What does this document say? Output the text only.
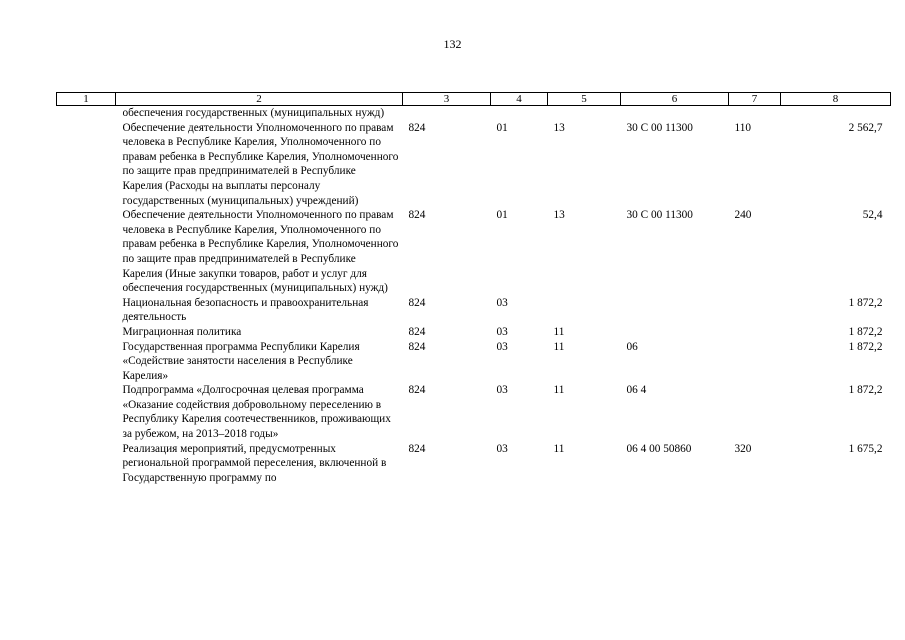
132
1	2	3	4	5	6	7	8
	обеспечения государственных (муниципальных нужд)						
	Обеспечение деятельности Уполномоченного по правам человека в Республике Карелия, Уполномоченного по правам ребенка в Республике Карелия, Уполномоченного по защите прав предпринимателей в Республике Карелия (Расходы на выплаты персоналу государственных (муниципальных) учреждений)	824	01	13	30 С 00 11300	110	2 562,7
	Обеспечение деятельности Уполномоченного по правам человека в Республике Карелия, Уполномоченного по правам ребенка в Республике Карелия, Уполномоченного по защите прав предпринимателей в Республике Карелия (Иные закупки товаров, работ и услуг для обеспечения государственных (муниципальных) нужд)	824	01	13	30 С 00 11300	240	52,4
	Национальная безопасность и правоохранительная деятельность	824	03				1 872,2
	Миграционная политика	824	03	11			1 872,2
	Государственная программа Республики Карелия «Содействие занятости населения в Республике Карелия»	824	03	11	06		1 872,2
	Подпрограмма «Долгосрочная целевая программа «Оказание содействия добровольному переселению в Республику Карелия соотечественников, проживающих за рубежом, на 2013–2018 годы»	824	03	11	06 4		1 872,2
	Реализация мероприятий, предусмотренных региональной программой переселения, включенной в Государственную программу по	824	03	11	06 4 00 50860	320	1 675,2
